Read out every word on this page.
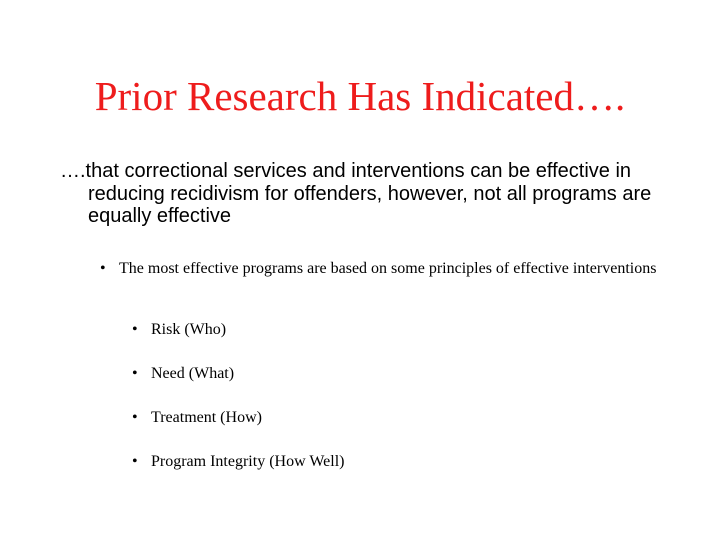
Prior Research Has Indicated….
….that correctional services and interventions can be effective in reducing recidivism for offenders, however, not all programs are equally effective
• The most effective programs are based on some principles of effective interventions
• Risk (Who)
• Need (What)
• Treatment (How)
• Program Integrity (How Well)
